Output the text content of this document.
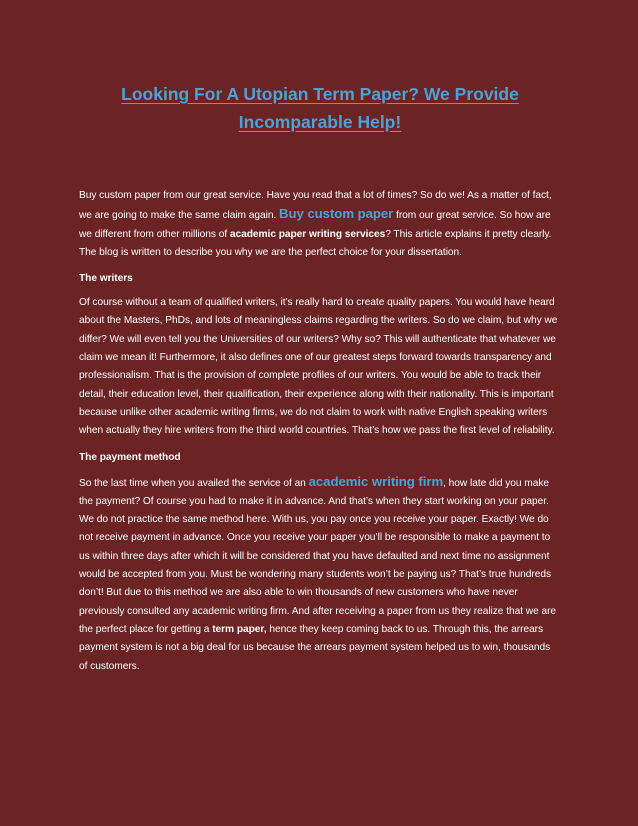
Looking For A Utopian Term Paper? We Provide
Incomparable Help!

Buy custom paper from our great service. Have you read that a lot of times? So do we! As a matter of fact, we are going to make the same claim again. Buy custom paper from our great service. So how are we different from other millions of academic paper writing services? This article explains it pretty clearly. The blog is written to describe you why we are the perfect choice for your dissertation.

The writers

Of course without a team of qualified writers, it’s really hard to create quality papers. You would have heard about the Masters, PhDs, and lots of meaningless claims regarding the writers. So do we claim, but why we differ? We will even tell you the Universities of our writers? Why so? This will authenticate that whatever we claim we mean it! Furthermore, it also defines one of our greatest steps forward towards transparency and professionalism. That is the provision of complete profiles of our writers. You would be able to track their detail, their education level, their qualification, their experience along with their nationality. This is important because unlike other academic writing firms, we do not claim to work with native English speaking writers when actually they hire writers from the third world countries. That’s how we pass the first level of reliability.

The payment method

So the last time when you availed the service of an academic writing firm, how late did you make the payment? Of course you had to make it in advance. And that’s when they start working on your paper. We do not practice the same method here. With us, you pay once you receive your paper. Exactly! We do not receive payment in advance. Once you receive your paper you’ll be responsible to make a payment to us within three days after which it will be considered that you have defaulted and next time no assignment would be accepted from you. Must be wondering many students won’t be paying us? That’s true hundreds don’t! But due to this method we are also able to win thousands of new customers who have never previously consulted any academic writing firm. And after receiving a paper from us they realize that we are the perfect place for getting a term paper, hence they keep coming back to us. Through this, the arrears payment system is not a big deal for us because the arrears payment system helped us to win, thousands of customers.
